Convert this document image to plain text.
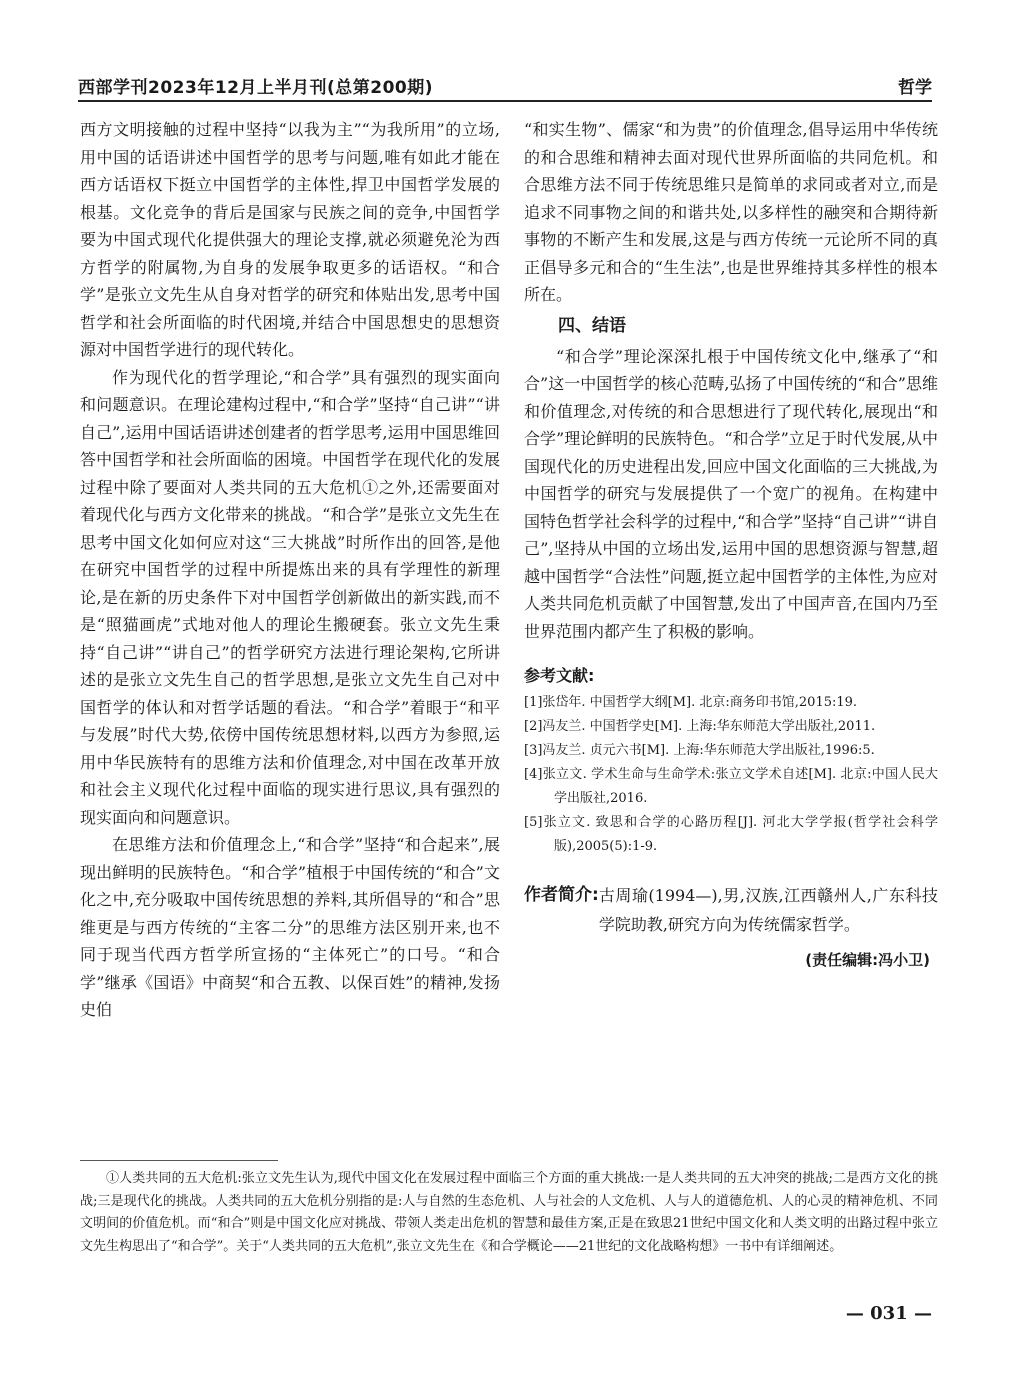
西部学刊2023年12月上半月刊(总第200期)	哲学

西方文明接触的过程中坚持“以我为主”“为我所用”的立场,用中国的话语讲述中国哲学的思考与问题,唯有如此才能在西方话语权下挺立中国哲学的主体性,捍卫中国哲学发展的根基。文化竞争的背后是国家与民族之间的竞争,中国哲学要为中国式现代化提供强大的理论支撑,就必须避免沦为西方哲学的附属物,为自身的发展争取更多的话语权。“和合学”是张立文先生从自身对哲学的研究和体贴出发,思考中国哲学和社会所面临的时代困境,并结合中国思想史的思想资源对中国哲学进行的现代转化。

作为现代化的哲学理论,“和合学”具有强烈的现实面向和问题意识。在理论建构过程中,“和合学”坚持“自己讲”“讲自己”,运用中国话语讲述创建者的哲学思考,运用中国思维回答中国哲学和社会所面临的困境。中国哲学在现代化的发展过程中除了要面对人类共同的五大危机①之外,还需要面对着现代化与西方文化带来的挑战。“和合学”是张立文先生在思考中国文化如何应对这“三大挑战”时所作出的回答,是他在研究中国哲学的过程中所提炼出来的具有学理性的新理论,是在新的历史条件下对中国哲学创新做出的新实践,而不是“照猫画虎”式地对他人的理论生搬硬套。张立文先生秉持“自己讲”“讲自己”的哲学研究方法进行理论架构,它所讲述的是张立文先生自己的哲学思想,是张立文先生自己对中国哲学的体认和对哲学话题的看法。“和合学”着眼于“和平与发展”时代大势,依傍中国传统思想材料,以西方为参照,运用中华民族特有的思维方法和价值理念,对中国在改革开放和社会主义现代化过程中面临的现实进行思议,具有强烈的现实面向和问题意识。

在思维方法和价值理念上,“和合学”坚持“和合起来”,展现出鲜明的民族特色。“和合学”植根于中国传统的“和合”文化之中,充分吸取中国传统思想的养料,其所倡导的“和合”思维更是与西方传统的“主客二分”的思维方法区别开来,也不同于现当代西方哲学所宣扬的“主体死亡”的口号。“和合学”继承《国语》中商契“和合五教、以保百姓”的精神,发扬史伯

“和实生物”、儒家“和为贵”的价值理念,倡导运用中华传统的和合思维和精神去面对现代世界所面临的共同危机。和合思维方法不同于传统思维只是简单的求同或者对立,而是追求不同事物之间的和谐共处,以多样性的融突和合期待新事物的不断产生和发展,这是与西方传统一元论所不同的真正倡导多元和合的“生生法”,也是世界维持其多样性的根本所在。

四、结语

“和合学”理论深深扎根于中国传统文化中,继承了“和合”这一中国哲学的核心范畴,弘扬了中国传统的“和合”思维和价值理念,对传统的和合思想进行了现代转化,展现出“和合学”理论鲜明的民族特色。“和合学”立足于时代发展,从中国现代化的历史进程出发,回应中国文化面临的三大挑战,为中国哲学的研究与发展提供了一个宽广的视角。在构建中国特色哲学社会科学的过程中,“和合学”坚持“自己讲”“讲自己”,坚持从中国的立场出发,运用中国的思想资源与智慧,超越中国哲学“合法性”问题,挺立起中国哲学的主体性,为应对人类共同危机贡献了中国智慧,发出了中国声音,在国内乃至世界范围内都产生了积极的影响。

参考文献:
[1]张岱年. 中国哲学大纲[M]. 北京:商务印书馆,2015:19.
[2]冯友兰. 中国哲学史[M]. 上海:华东师范大学出版社,2011.
[3]冯友兰. 贞元六书[M]. 上海:华东师范大学出版社,1996:5.
[4]张立文. 学术生命与生命学术:张立文学术自述[M]. 北京:中国人民大学出版社,2016.
[5]张立文. 致思和合学的心路历程[J]. 河北大学学报(哲学社会科学版),2005(5):1-9.
作者简介: 古周瑜(1994—),男,汉族,江西赣州人,广东科技学院助教,研究方向为传统儒家哲学。
(责任编辑:冯小卫)
①人类共同的五大危机:张立文先生认为,现代中国文化在发展过程中面临三个方面的重大挑战:一是人类共同的五大冲突的挑战;二是西方文化的挑战;三是现代化的挑战。人类共同的五大危机分别指的是:人与自然的生态危机、人与社会的人文危机、人与人的道德危机、人的心灵的精神危机、不同文明间的价值危机。而“和合”则是中国文化应对挑战、带领人类走出危机的智慧和最佳方案,正是在致思21世纪中国文化和人类文明的出路过程中张立文先生构思出了“和合学”。关于“人类共同的五大危机”,张立文先生在《和合学概论——21世纪的文化战略构想》一书中有详细阐述。
— 031 —
